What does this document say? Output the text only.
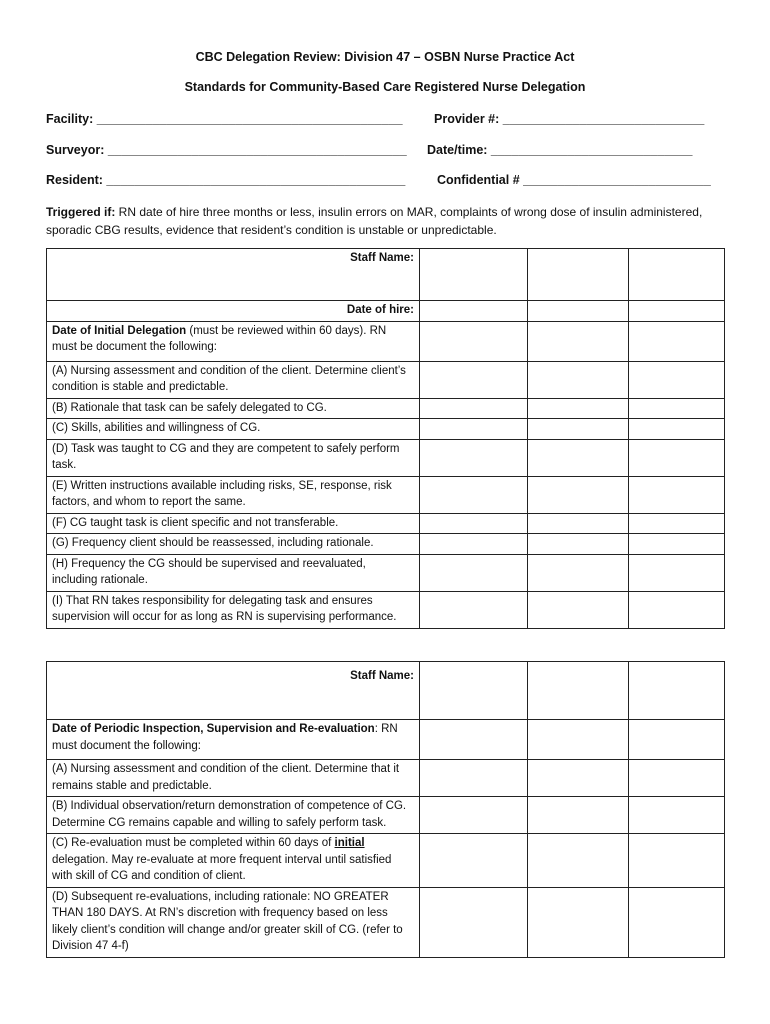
CBC Delegation Review: Division 47 – OSBN Nurse Practice Act
Standards for Community-Based Care Registered Nurse Delegation
Facility: ____________________________________________	Provider #: _____________________________
Surveyor: ___________________________________________ Date/time: _____________________________
Resident: ___________________________________________	Confidential # ___________________________
Triggered if: RN date of hire three months or less, insulin errors on MAR, complaints of wrong dose of insulin administered, sporadic CBG results, evidence that resident’s condition is unstable or unpredictable.
Staff Name:			
Date of hire:			
Date of Initial Delegation (must be reviewed within 60 days). RN must be document the following:			
(A) Nursing assessment and condition of the client. Determine client’s condition is stable and predictable.			
(B) Rationale that task can be safely delegated to CG.			
(C) Skills, abilities and willingness of CG.			
(D) Task was taught to CG and they are competent to safely perform task.			
(E) Written instructions available including risks, SE, response, risk factors, and whom to report the same.			
(F) CG taught task is client specific and not transferable.			
(G) Frequency client should be reassessed, including rationale.			
(H) Frequency the CG should be supervised and reevaluated, including rationale.			
(I) That RN takes responsibility for delegating task and ensures supervision will occur for as long as RN is supervising performance.			
Staff Name:			
Date of Periodic Inspection, Supervision and Re-evaluation: RN must document the following:			
(A) Nursing assessment and condition of the client. Determine that it remains stable and predictable.			
(B) Individual observation/return demonstration of competence of CG. Determine CG remains capable and willing to safely perform task.			
(C) Re-evaluation must be completed within 60 days of initial delegation. May re-evaluate at more frequent interval until satisfied with skill of CG and condition of client.			
(D) Subsequent re-evaluations, including rationale: NO GREATER THAN 180 DAYS. At RN’s discretion with frequency based on less likely client’s condition will change and/or greater skill of CG. (refer to Division 47 4-f)			
